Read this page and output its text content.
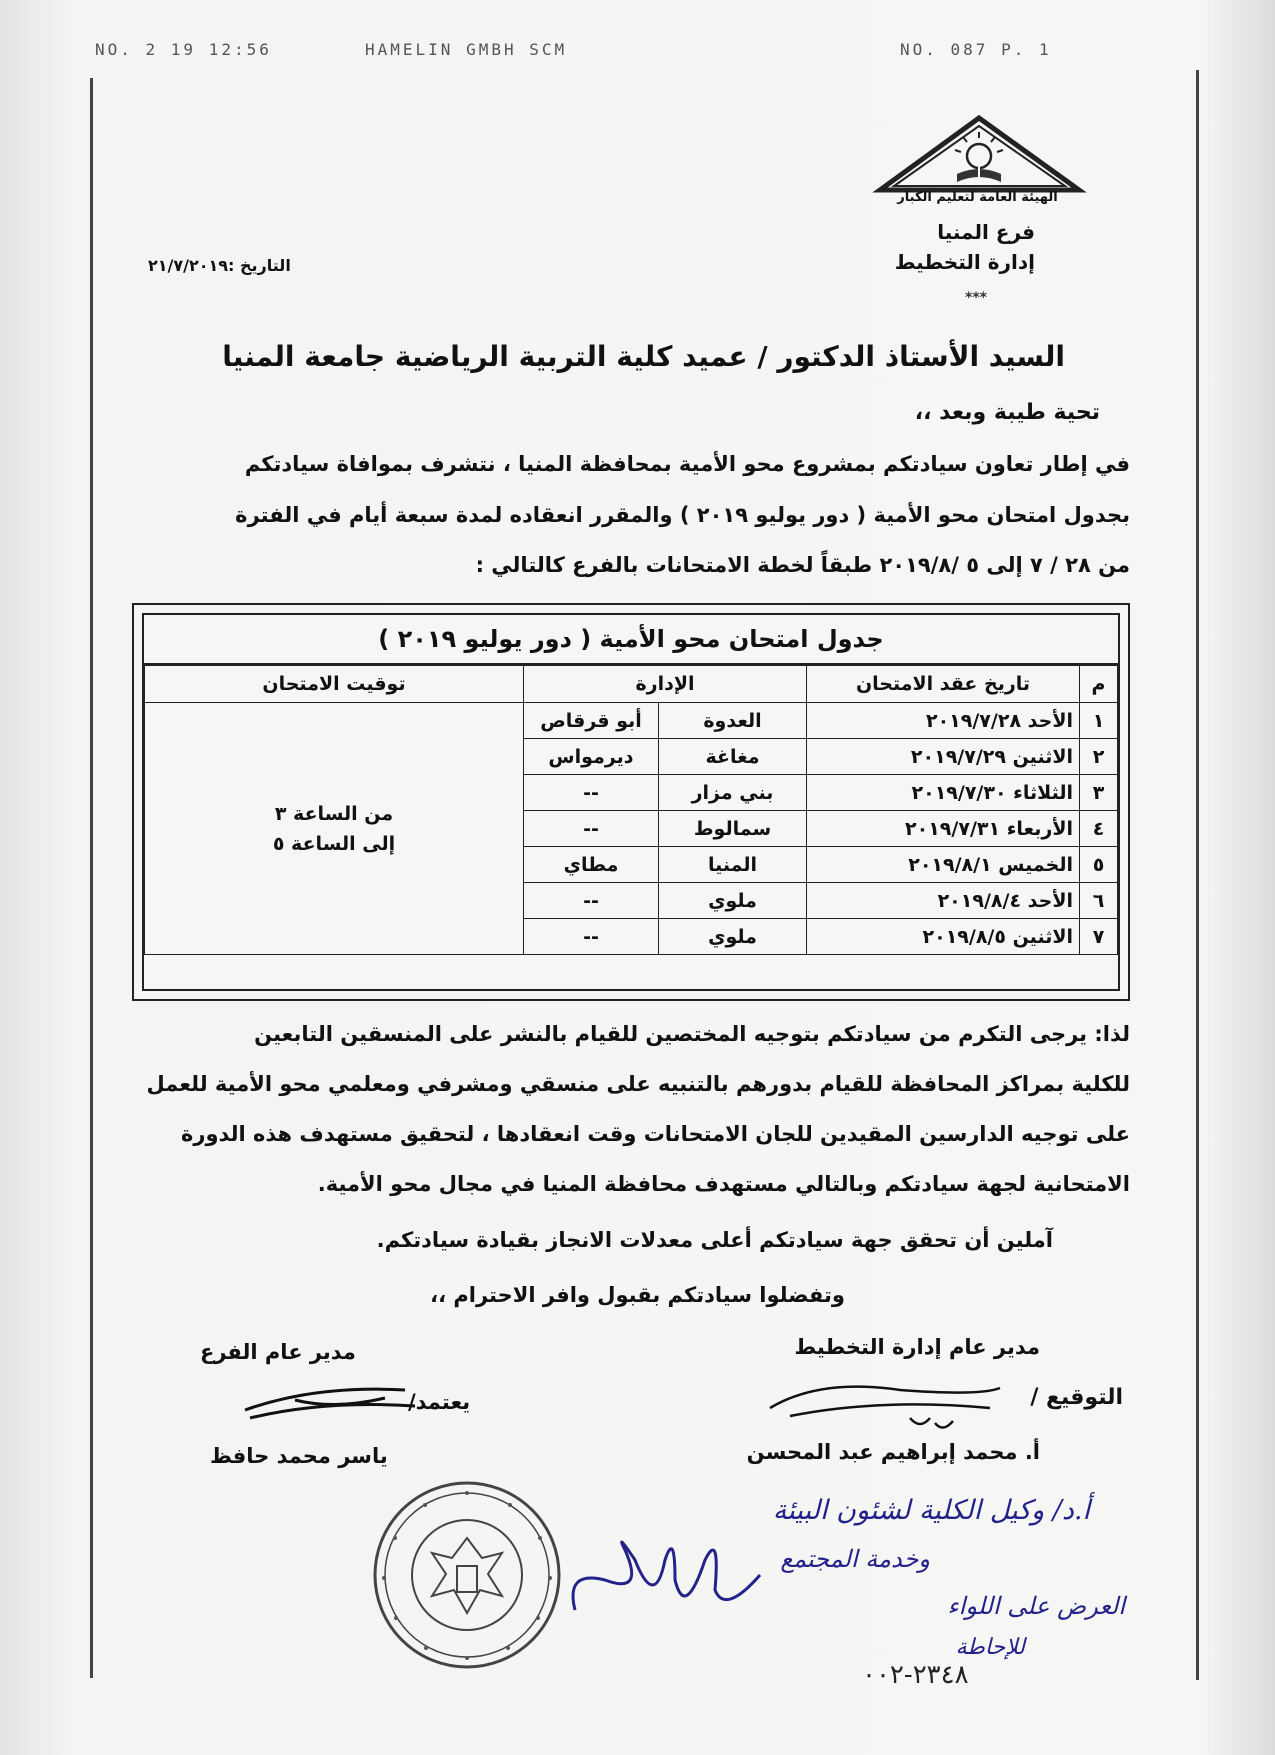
NO. 2 19 12:56	HAMELIN GMBH SCM	NO. 087 P. 1
الهيئة العامة لتعليم الكبار
فرع المنيا
إدارة التخطيط
***
التاريخ :٢١/٧/٢٠١٩
السيد الأستاذ الدكتور / عميد كلية التربية الرياضية جامعة المنيا
تحية طيبة وبعد ،،
في إطار تعاون سيادتكم بمشروع محو الأمية بمحافظة المنيا ، نتشرف بموافاة سيادتكم
بجدول امتحان محو الأمية ( دور يوليو ٢٠١٩ ) والمقرر انعقاده لمدة سبعة أيام في الفترة
من ٢٨ / ٧ إلى ٥ /٢٠١٩/٨ طبقاً لخطة الامتحانات بالفرع كالتالي :
جدول امتحان محو الأمية ( دور يوليو ٢٠١٩ )
م	تاريخ عقد الامتحان	الإدارة		توقيت الامتحان
١	الأحد ٢٠١٩/٧/٢٨	العدوة	أبو قرقاص	من الساعة ٣
إلى الساعة ٥

٢	الاثنين ٢٠١٩/٧/٢٩	مغاغة	ديرمواس	
٣	الثلاثاء ٢٠١٩/٧/٣٠	بني مزار	--	
٤	الأربعاء ٢٠١٩/٧/٣١	سمالوط	--	
٥	الخميس ٢٠١٩/٨/١	المنيا	مطاي	
٦	الأحد ٢٠١٩/٨/٤	ملوي	--	
٧	الاثنين ٢٠١٩/٨/٥	ملوي	--	
لذا: يرجى التكرم من سيادتكم بتوجيه المختصين للقيام بالنشر على المنسقين التابعين
للكلية بمراكز المحافظة للقيام بدورهم بالتنبيه على منسقي ومشرفي ومعلمي محو الأمية للعمل
على توجيه الدارسين المقيدين للجان الامتحانات وقت انعقادها ، لتحقيق مستهدف هذه الدورة
الامتحانية لجهة سيادتكم وبالتالي مستهدف محافظة المنيا في مجال محو الأمية.
آملين أن تحقق جهة سيادتكم أعلى معدلات الانجاز بقيادة سيادتكم.
وتفضلوا سيادتكم بقبول وافر الاحترام ،،
مدير عام إدارة التخطيط
التوقيع /
أ. محمد إبراهيم عبد المحسن
مدير عام الفرع
يعتمد/
ياسر محمد حافظ
أ.د/ وكيل الكلية لشئون البيئة
وخدمة المجتمع
العرض على اللواء
للإحاطة
٢٣٤٨-٠٠٢
